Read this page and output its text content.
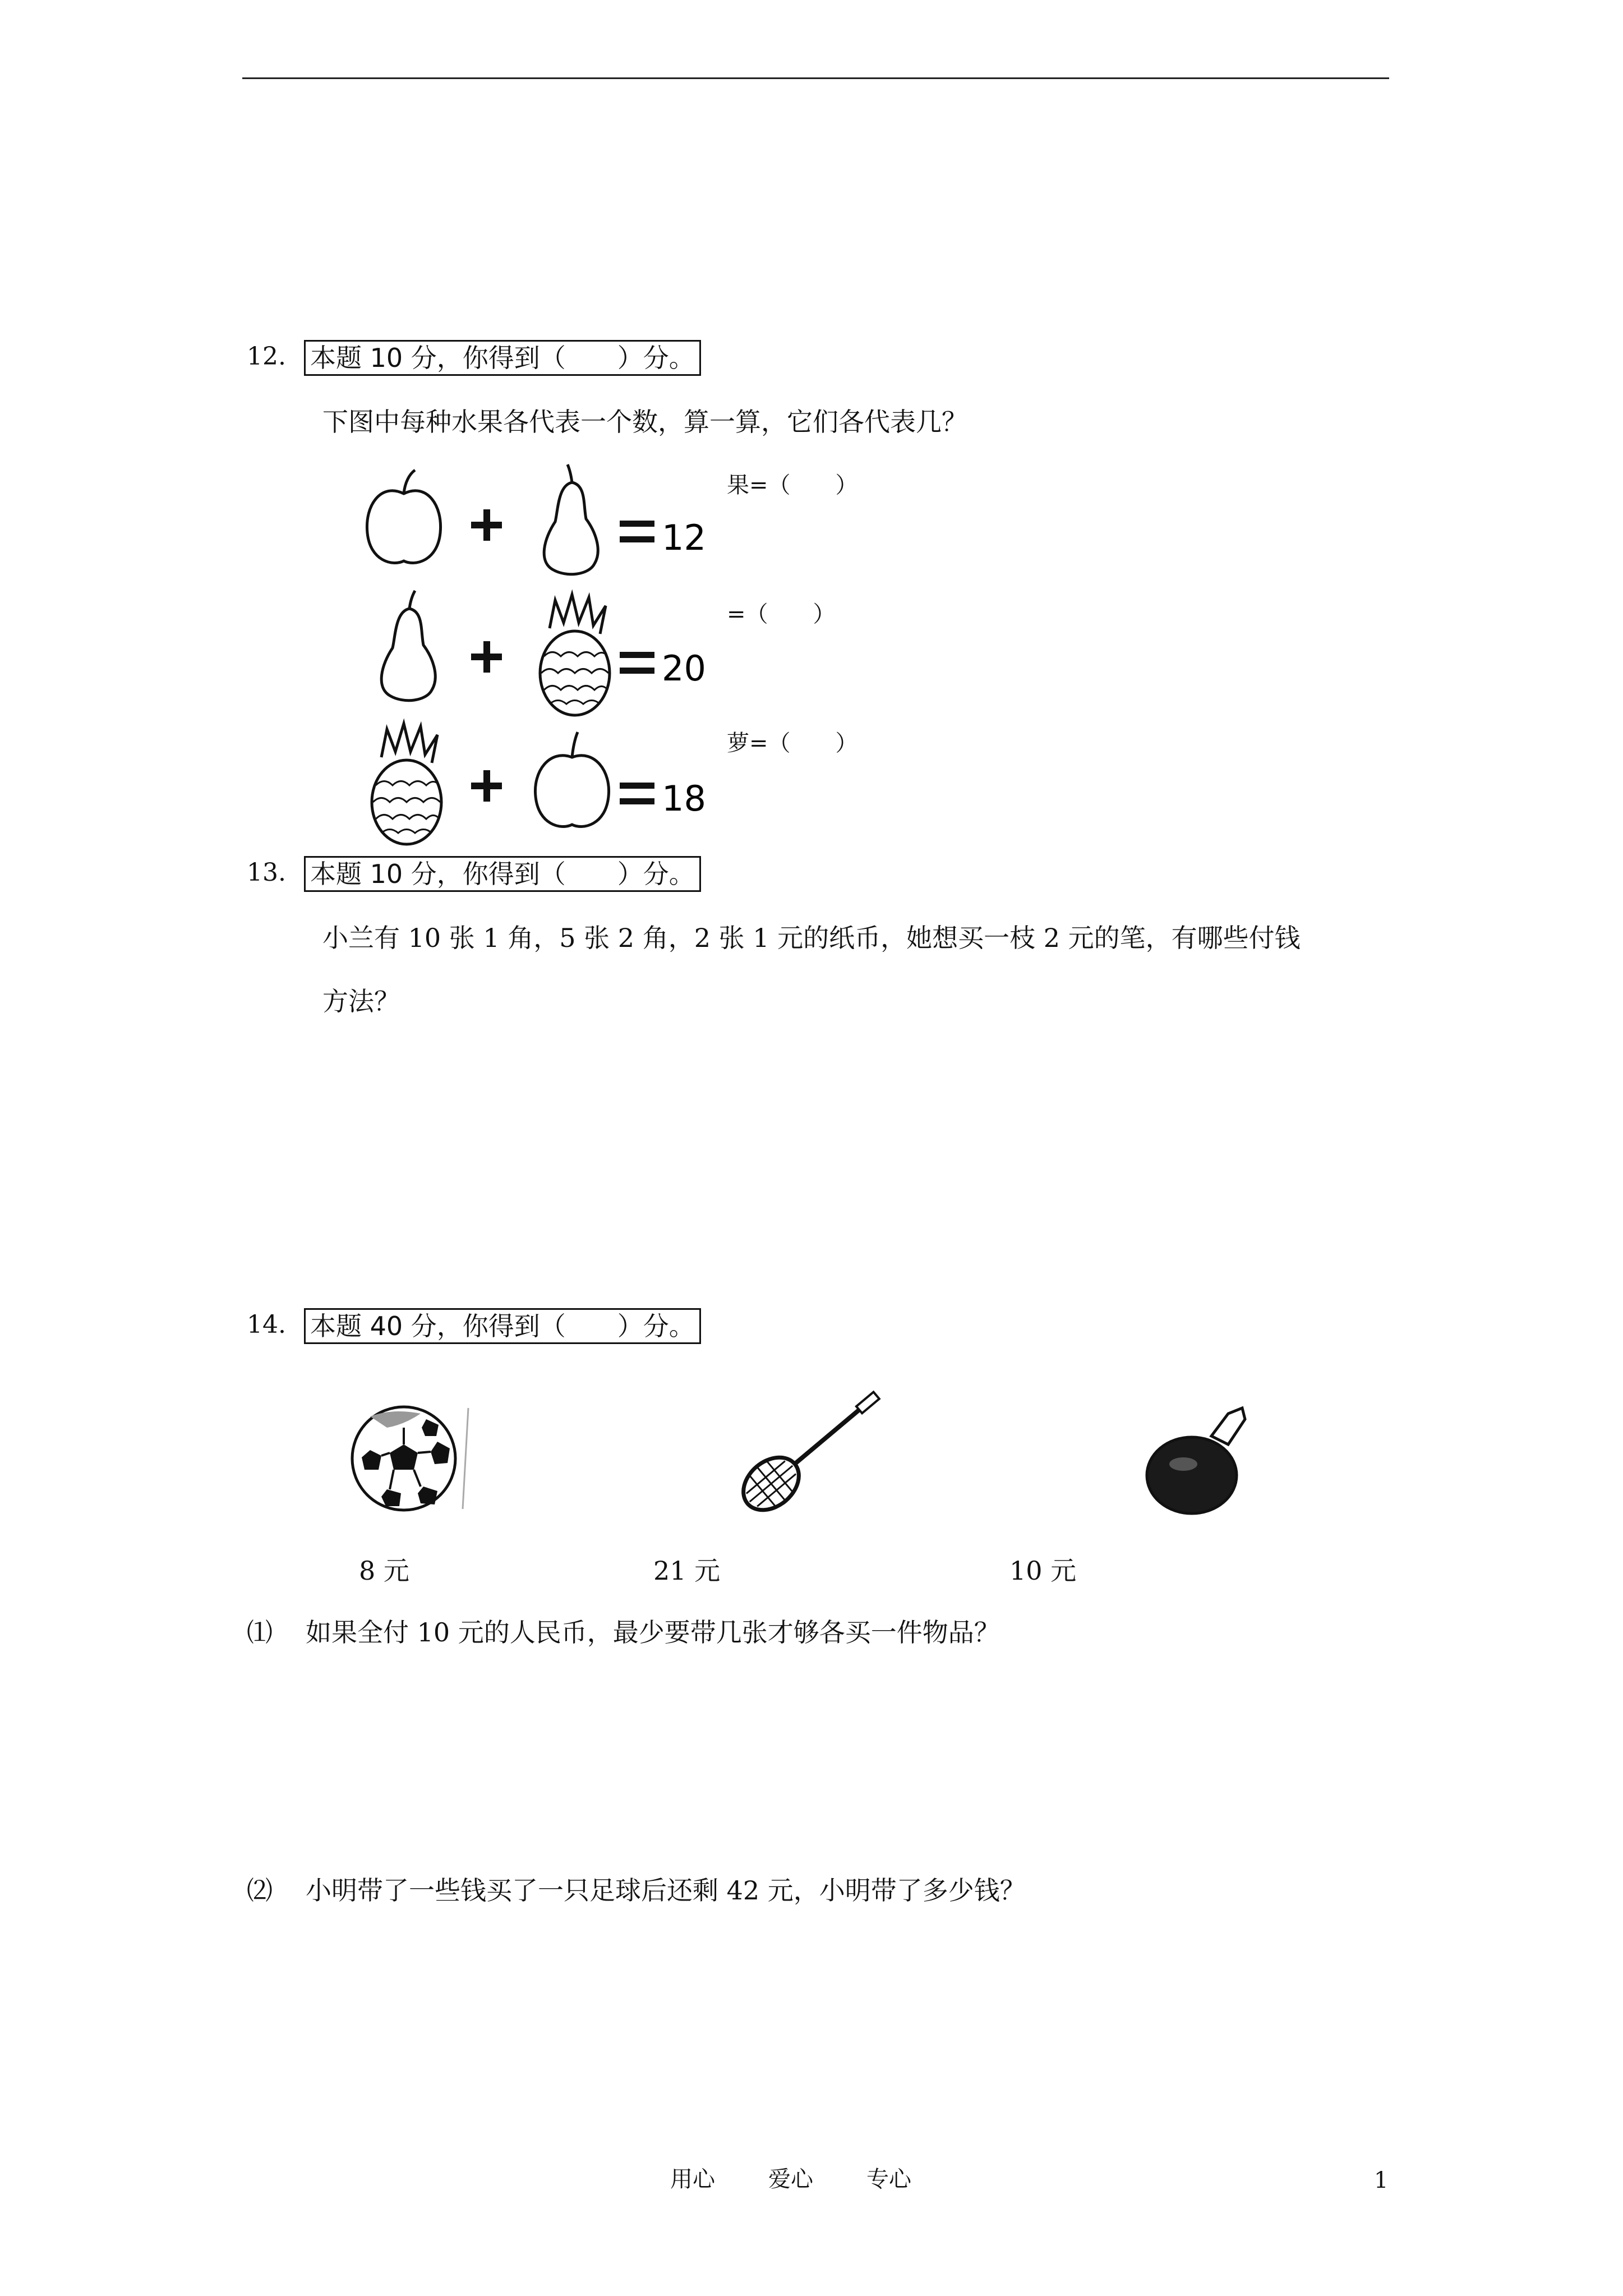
12. 本题 10 分，你得到（　　）分。
下图中每种水果各代表一个数，算一算，它们各代表几？
12
20
18
果=（　　）
=（　　）
萝=（　　）
13. 本题 10 分，你得到（　　）分。
小兰有 10 张 1 角，5 张 2 角，2 张 1 元的纸币，她想买一枝 2 元的笔，有哪些付钱
方法？
14. 本题 40 分，你得到（　　）分。
8 元	21 元	10 元
⑴ 如果全付 10 元的人民币，最少要带几张才够各买一件物品？
⑵ 小明带了一些钱买了一只足球后还剩 42 元，小明带了多少钱？
用心 爱心 专心	1
